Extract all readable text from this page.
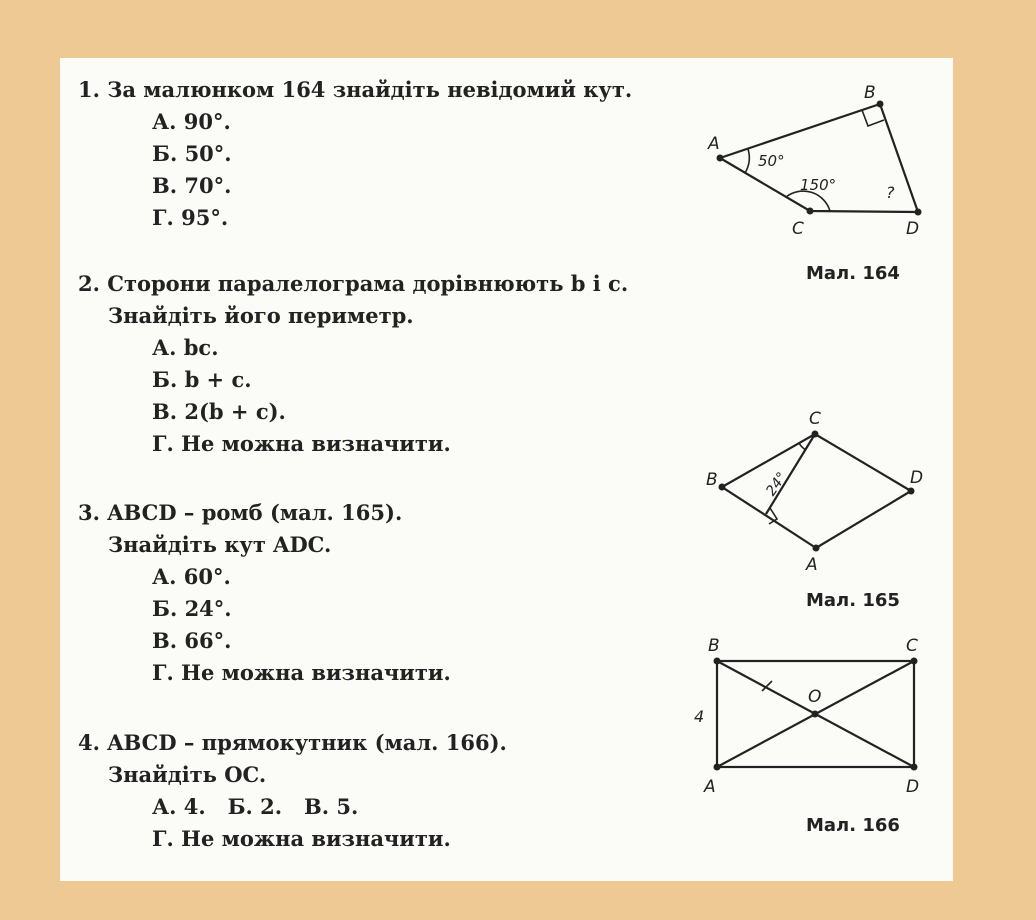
1. За малюнком 164 знайдіть невідомий кут.
А. 90°.
Б. 50°.
В. 70°.
Г. 95°.
2. Сторони паралелограма дорівнюють b і c.
Знайдіть його периметр.
А. bc.
Б. b + c.
В. 2(b + c).
Г. Не можна визначити.
3. ABCD – ромб (мал. 165).
Знайдіть кут ADC.
А. 60°.
Б. 24°.
В. 66°.
Г. Не можна визначити.
4. ABCD – прямокутник (мал. 166).
Знайдіть OC.
А. 4.   Б. 2.   В. 5.
Г. Не можна визначити.
A
B
C	D
50°
150°	?
Мал. 164
A
B
C
D
24°
Мал. 165
A
B	C
D
O
4
Мал. 166
